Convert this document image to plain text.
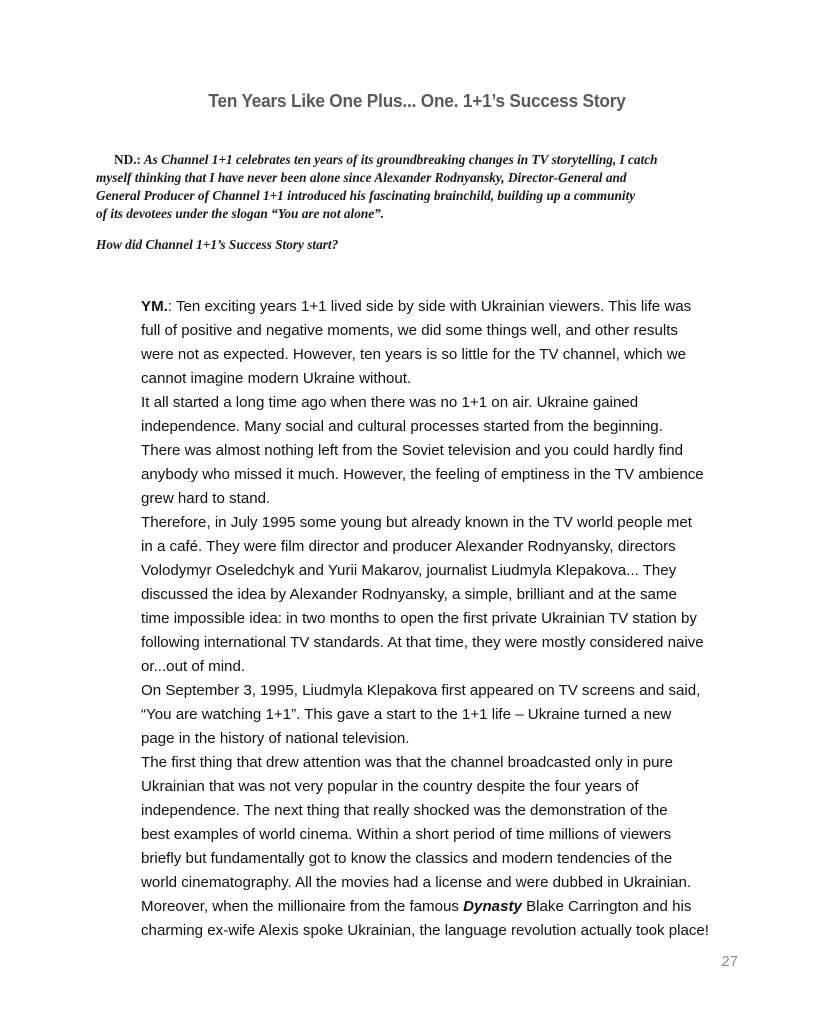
Ten Years Like One Plus... One. 1+1’s Success Story
ND.: As Channel 1+1 celebrates ten years of its groundbreaking changes in TV storytelling, I catch
myself thinking that I have never been alone since Alexander Rodnyansky, Director-General and
General Producer of Channel 1+1 introduced his fascinating brainchild, building up a community
of its devotees under the slogan “You are not alone”.
How did Channel 1+1’s Success Story start?
YM.: Ten exciting years 1+1 lived side by side with Ukrainian viewers. This life was
full of positive and negative moments, we did some things well, and other results
were not as expected. However, ten years is so little for the TV channel, which we
cannot imagine modern Ukraine without.
It all started a long time ago when there was no 1+1 on air. Ukraine gained
independence. Many social and cultural processes started from the beginning.
There was almost nothing left from the Soviet television and you could hardly find
anybody who missed it much. However, the feeling of emptiness in the TV ambience
grew hard to stand.
Therefore, in July 1995 some young but already known in the TV world people met
in a café. They were film director and producer Alexander Rodnyansky, directors
Volodymyr Oseledchyk and Yurii Makarov, journalist Liudmyla Klepakova... They
discussed the idea by Alexander Rodnyansky, a simple, brilliant and at the same
time impossible idea: in two months to open the first private Ukrainian TV station by
following international TV standards. At that time, they were mostly considered naive
or...out of mind.
On September 3, 1995, Liudmyla Klepakova first appeared on TV screens and said,
“You are watching 1+1”. This gave a start to the 1+1 life – Ukraine turned a new
page in the history of national television.
The first thing that drew attention was that the channel broadcasted only in pure
Ukrainian that was not very popular in the country despite the four years of
independence. The next thing that really shocked was the demonstration of the
best examples of world cinema. Within a short period of time millions of viewers
briefly but fundamentally got to know the classics and modern tendencies of the
world cinematography. All the movies had a license and were dubbed in Ukrainian.
Moreover, when the millionaire from the famous Dynasty Blake Carrington and his
charming ex-wife Alexis spoke Ukrainian, the language revolution actually took place!
27
